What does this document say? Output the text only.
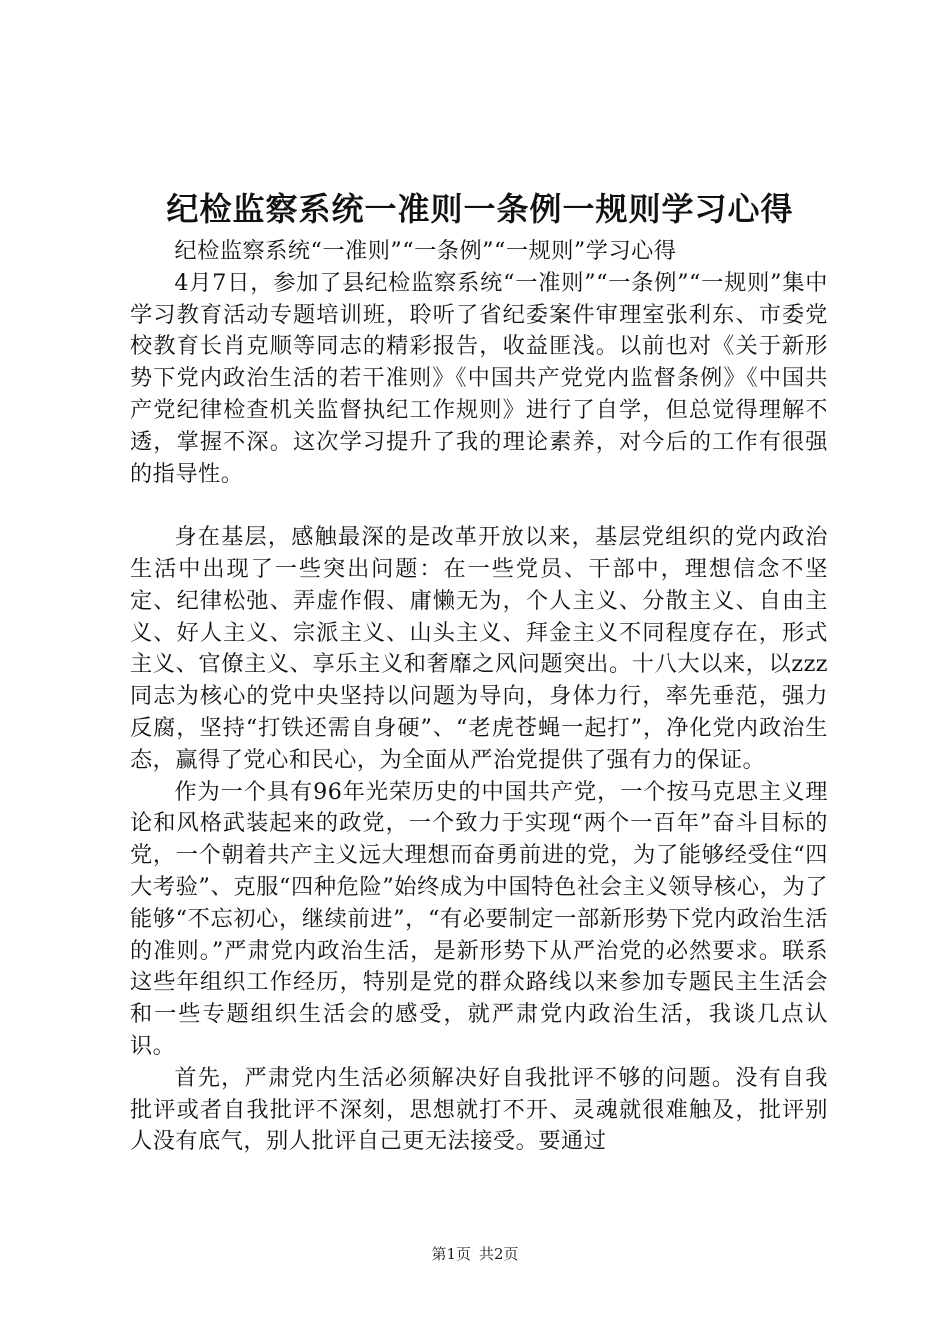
纪检监察系统一准则一条例一规则学习心得

纪检监察系统“一准则”“一条例”“一规则”学习心得

4月7日，参加了县纪检监察系统“一准则”“一条例”“一规则”集中学习教育活动专题培训班，聆听了省纪委案件审理室张利东、市委党校教育长肖克顺等同志的精彩报告，收益匪浅。以前也对《关于新形势下党内政治生活的若干准则》《中国共产党党内监督条例》《中国共产党纪律检查机关监督执纪工作规则》进行了自学，但总觉得理解不透，掌握不深。这次学习提升了我的理论素养，对今后的工作有很强的指导性。

身在基层，感触最深的是改革开放以来，基层党组织的党内政治生活中出现了一些突出问题：在一些党员、干部中，理想信念不坚定、纪律松弛、弄虚作假、庸懒无为，个人主义、分散主义、自由主义、好人主义、宗派主义、山头主义、拜金主义不同程度存在，形式主义、官僚主义、享乐主义和奢靡之风问题突出。十八大以来，以zzz同志为核心的党中央坚持以问题为导向，身体力行，率先垂范，强力反腐，坚持“打铁还需自身硬”、“老虎苍蝇一起打”，净化党内政治生态，赢得了党心和民心，为全面从严治党提供了强有力的保证。

作为一个具有96年光荣历史的中国共产党，一个按马克思主义理论和风格武装起来的政党，一个致力于实现“两个一百年”奋斗目标的党，一个朝着共产主义远大理想而奋勇前进的党，为了能够经受住“四大考验”、克服“四种危险”始终成为中国特色社会主义领导核心，为了能够“不忘初心，继续前进”，“有必要制定一部新形势下党内政治生活的准则。”严肃党内政治生活，是新形势下从严治党的必然要求。联系这些年组织工作经历，特别是党的群众路线以来参加专题民主生活会和一些专题组织生活会的感受，就严肃党内政治生活，我谈几点认识。

首先，严肃党内生活必须解决好自我批评不够的问题。没有自我批评或者自我批评不深刻，思想就打不开、灵魂就很难触及，批评别人没有底气，别人批评自己更无法接受。要通过

第1页 共2页
